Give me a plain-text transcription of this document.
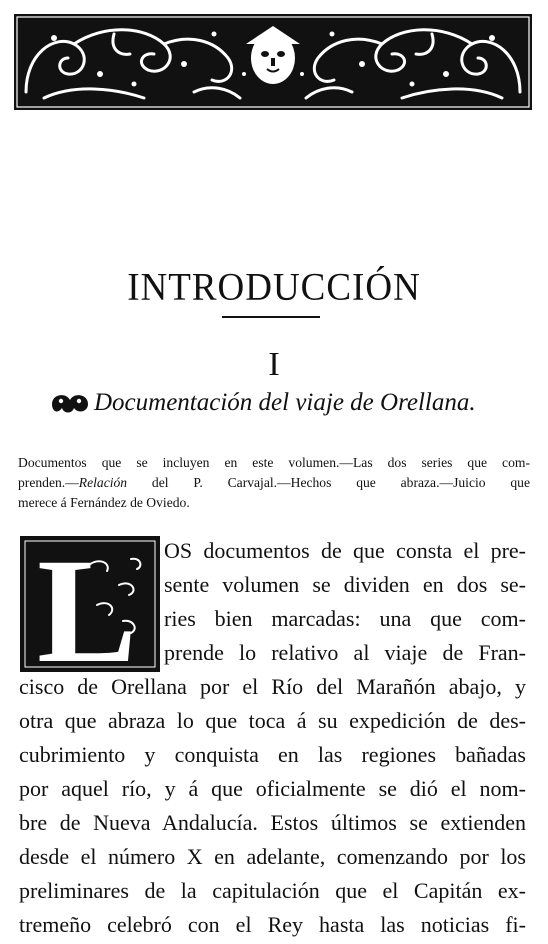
INTRODUCCIÓN
I
Documentación del viaje de Orellana.
Documentos que se incluyen en este volumen.—Las dos series que com-
prenden.—Relación del P. Carvajal.—Hechos que abraza.—Juicio que
merece á Fernández de Oviedo.
L OS documentos de que consta el pre-
sente volumen se dividen en dos se-
ries bien marcadas: una que com-
prende lo relativo al viaje de Fran-
cisco de Orellana por el Río del Marañón abajo, y
otra que abraza lo que toca á su expedición de des-
cubrimiento y conquista en las regiones bañadas
por aquel río, y á que oficialmente se dió el nom-
bre de Nueva Andalucía. Estos últimos se extienden
desde el número X en adelante, comenzando por los
preliminares de la capitulación que el Capitán ex-
tremeño celebró con el Rey hasta las noticias fi-
